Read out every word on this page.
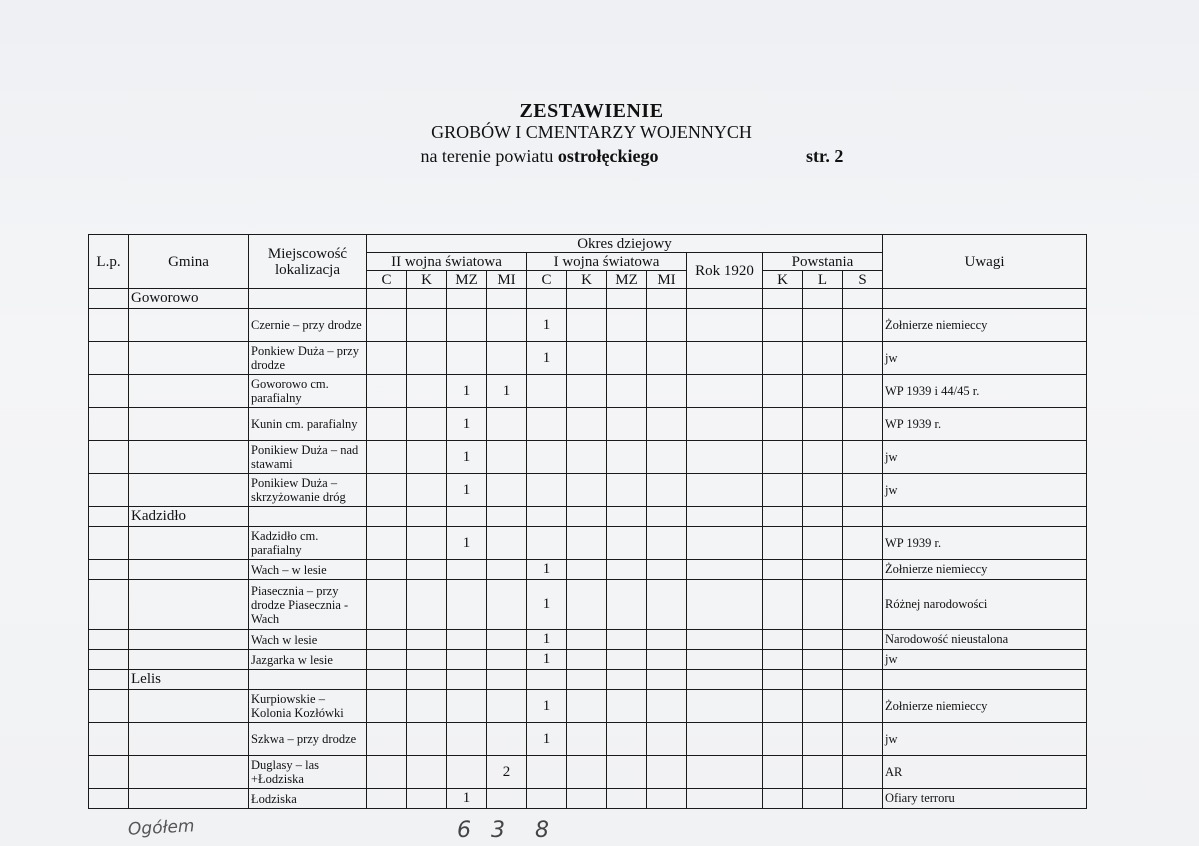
ZESTAWIENIE
GROBÓW I CMENTARZY WOJENNYCH
na terenie powiatu ostrołęckiego	str. 2
L.p.	Gmina	Miejscowość lokalizacja	Okres dziejowy												Uwagi
			II wojna światowa				I wojna światowa				Rok 1920	Powstania			
			C	K	MZ	MI	C	K	MZ	MI		K	L	S	
	Goworowo														
		Czernie – przy drodze					1								Żołnierze niemieccy
		Ponkiew Duża – przy drodze					1								jw
		Goworowo cm. parafialny			1	1									WP 1939 i 44/45 r.
		Kunin cm. parafialny			1										WP 1939 r.
		Ponikiew Duża – nad stawami			1										jw
		Ponikiew Duża – skrzyżowanie dróg			1										jw
	Kadzidło														
		Kadzidło cm. parafialny			1										WP 1939 r.
		Wach – w lesie					1								Żołnierze niemieccy
		Piasecznia – przy drodze Piasecznia - Wach					1								Różnej narodowości
		Wach w lesie					1								Narodowość nieustalona
		Jazgarka w lesie					1								jw
	Lelis														
		Kurpiowskie – Kolonia Kozłówki					1								Żołnierze niemieccy
		Szkwa – przy drodze					1								jw
		Duglasy – las +Łodziska				2									AR
		Łodziska			1										Ofiary terroru
Ogółem	6 3 8
